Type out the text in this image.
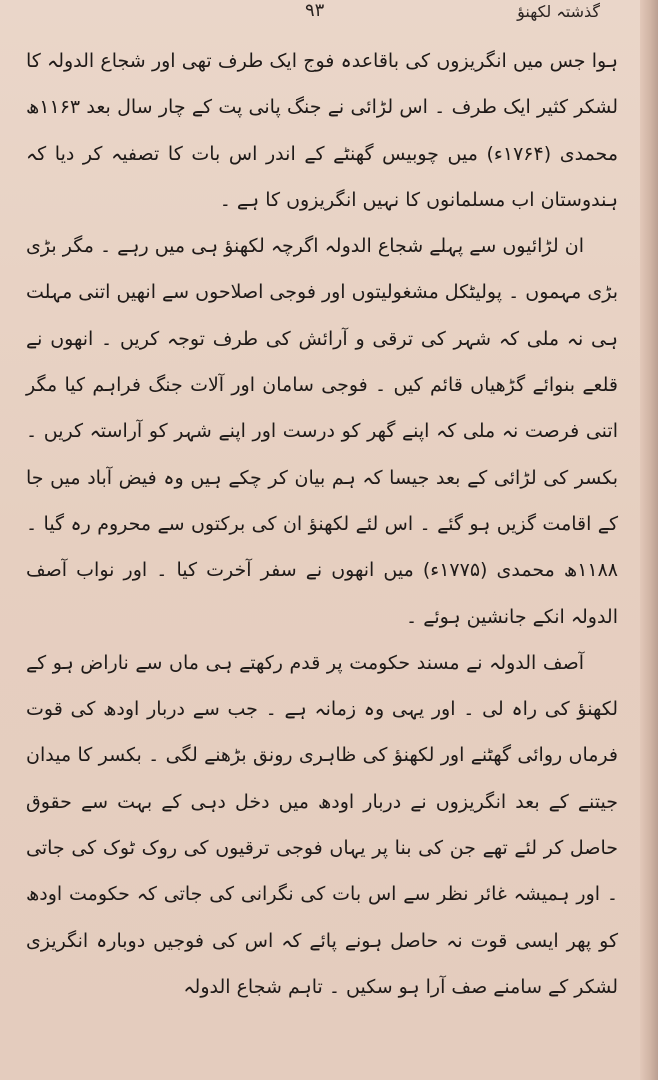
۹۳	گذشتہ لکھنؤ

ہوا جس میں انگریزوں کی باقاعدہ فوج ایک طرف تھی اور شجاع الدولہ کا لشکر کثیر ایک طرف ۔ اس لڑائی نے جنگ پانی پت کے چار سال بعد ۱۱۶۳ھ محمدی (۱۷۶۴ء) میں چوبیس گھنٹے کے اندر اس بات کا تصفیہ کر دیا کہ ہندوستان اب مسلمانوں کا نہیں انگریزوں کا ہے ۔

ان لڑائیوں سے پہلے شجاع الدولہ اگرچہ لکھنؤ ہی میں رہے ۔ مگر بڑی بڑی مہموں ۔ پولیٹکل مشغولیتوں اور فوجی اصلاحوں سے انھیں اتنی مہلت ہی نہ ملی کہ شہر کی ترقی و آرائش کی طرف توجہ کریں ۔ انھوں نے قلعے بنوائے گڑھیاں قائم کیں ۔ فوجی سامان اور آلات جنگ فراہم کیا مگر اتنی فرصت نہ ملی کہ اپنے گھر کو درست اور اپنے شہر کو آراستہ کریں ۔ بکسر کی لڑائی کے بعد جیسا کہ ہم بیان کر چکے ہیں وہ فیض آباد میں جا کے اقامت گزیں ہو گئے ۔ اس لئے لکھنؤ ان کی برکتوں سے محروم رہ گیا ۔ ۱۱۸۸ھ محمدی (۱۷۷۵ء) میں انھوں نے سفر آخرت کیا ۔ اور نواب آصف الدولہ انکے جانشین ہوئے ۔

آصف الدولہ نے مسند حکومت پر قدم رکھتے ہی ماں سے ناراض ہو کے لکھنؤ کی راہ لی ۔ اور یہی وہ زمانہ ہے ۔ جب سے دربار اودھ کی قوت فرماں روائی گھٹنے اور لکھنؤ کی ظاہری رونق بڑھنے لگی ۔ بکسر کا میدان جیتنے کے بعد انگریزوں نے دربار اودھ میں دخل دہی کے بہت سے حقوق حاصل کر لئے تھے جن کی بنا پر یہاں فوجی ترقیوں کی روک ٹوک کی جاتی ۔ اور ہمیشہ غائر نظر سے اس بات کی نگرانی کی جاتی کہ حکومت اودھ کو پھر ایسی قوت نہ حاصل ہونے پائے کہ اس کی فوجیں دوبارہ انگریزی لشکر کے سامنے صف آرا ہو سکیں ۔ تاہم شجاع الدولہ
